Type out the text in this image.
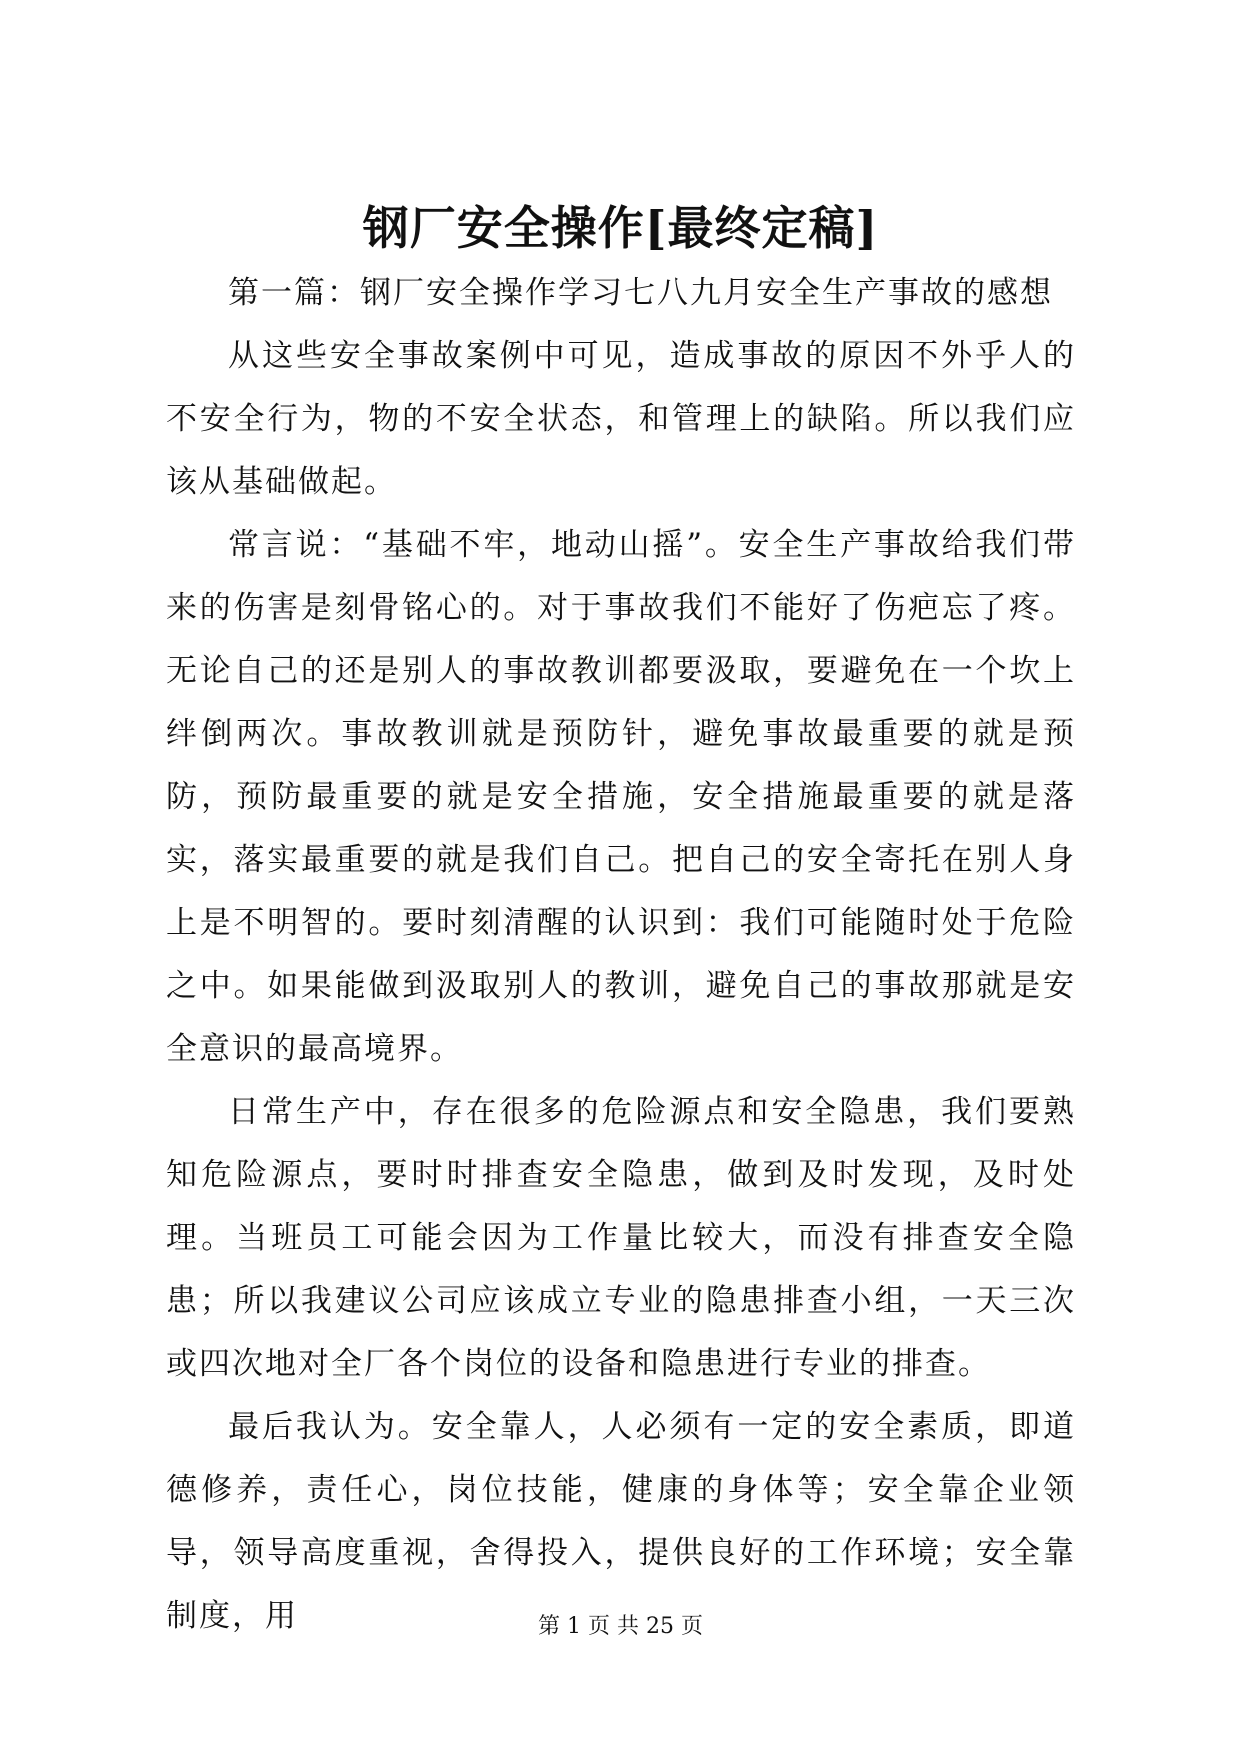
钢厂安全操作[最终定稿]

第一篇：钢厂安全操作学习七八九月安全生产事故的感想

从这些安全事故案例中可见，造成事故的原因不外乎人的不安全行为，物的不安全状态，和管理上的缺陷。所以我们应该从基础做起。

常言说：“基础不牢，地动山摇”。安全生产事故给我们带来的伤害是刻骨铭心的。对于事故我们不能好了伤疤忘了疼。无论自己的还是别人的事故教训都要汲取，要避免在一个坎上绊倒两次。事故教训就是预防针，避免事故最重要的就是预防，预防最重要的就是安全措施，安全措施最重要的就是落实，落实最重要的就是我们自己。把自己的安全寄托在别人身上是不明智的。要时刻清醒的认识到：我们可能随时处于危险之中。如果能做到汲取别人的教训，避免自己的事故那就是安全意识的最高境界。

日常生产中，存在很多的危险源点和安全隐患，我们要熟知危险源点，要时时排查安全隐患，做到及时发现，及时处理。当班员工可能会因为工作量比较大，而没有排查安全隐患；所以我建议公司应该成立专业的隐患排查小组，一天三次或四次地对全厂各个岗位的设备和隐患进行专业的排查。

最后我认为。安全靠人，人必须有一定的安全素质，即道德修养，责任心，岗位技能，健康的身体等；安全靠企业领导，领导高度重视，舍得投入，提供良好的工作环境；安全靠制度，用	第 1 页 共 25 页
